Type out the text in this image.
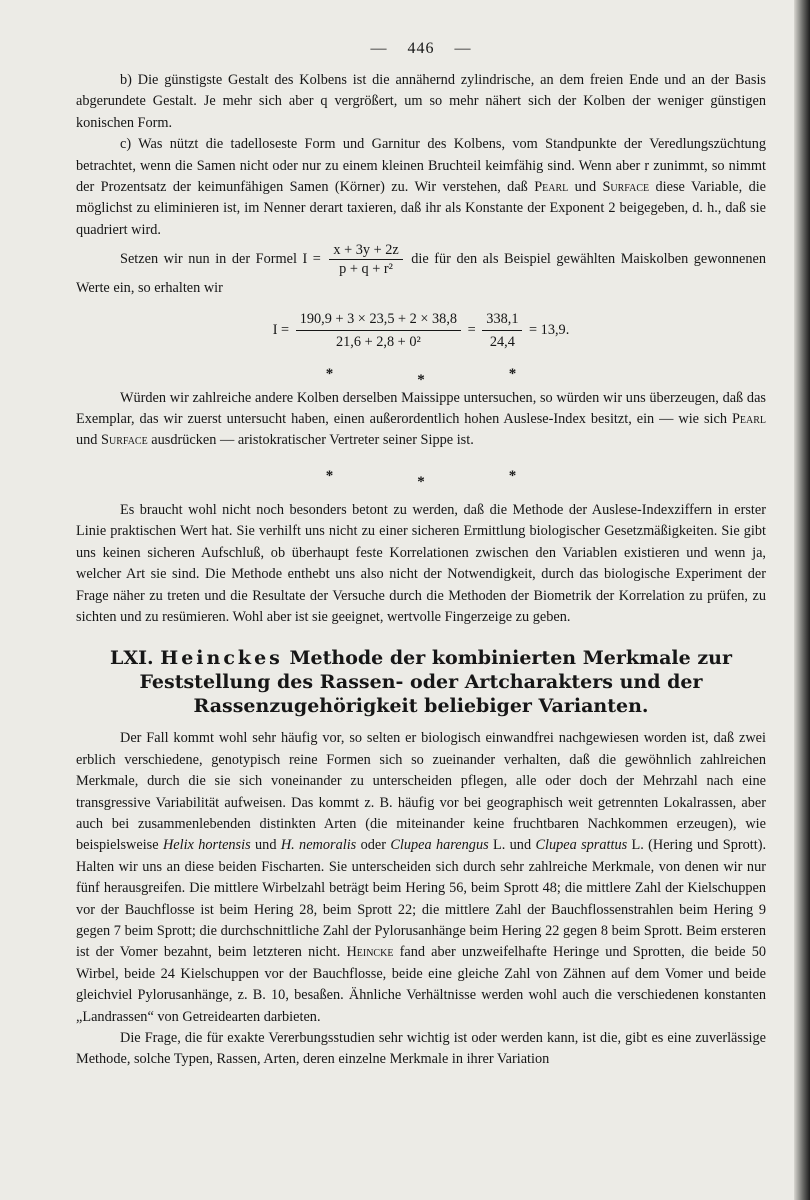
— 446 —

b) Die günstigste Gestalt des Kolbens ist die annähernd zylindrische, an dem freien Ende und an der Basis abgerundete Gestalt. Je mehr sich aber q vergrößert, um so mehr nähert sich der Kolben der weniger günstigen konischen Form.

c) Was nützt die tadelloseste Form und Garnitur des Kolbens, vom Standpunkte der Veredlungszüchtung betrachtet, wenn die Samen nicht oder nur zu einem kleinen Bruchteil keimfähig sind. Wenn aber r zunimmt, so nimmt der Prozentsatz der keimunfähigen Samen (Körner) zu. Wir verstehen, daß Pearl und Surface diese Variable, die möglichst zu eliminieren ist, im Nenner derart taxieren, daß ihr als Konstante der Exponent 2 beigegeben, d. h., daß sie quadriert wird.

Setzen wir nun in der Formel $I = \frac{x + 3y + 2z}{\text{p + q + r²}}$ die für den als Beispiel gewählten Maiskolben gewonnenen Werte ein, so erhalten wir
$I = \frac{190,9 + 3 \times 23,5 + 2 \times 38,8}{\text{21,6 + 2,8 + 0²}} = \frac{338,1}{24,4} = 13,9$.
*	*	*

Würden wir zahlreiche andere Kolben derselben Maissippe untersuchen, so würden wir uns überzeugen, daß das Exemplar, das wir zuerst untersucht haben, einen außerordentlich hohen Auslese-Index besitzt, ein — wie sich Pearl und Surface ausdrücken — aristokratischer Vertreter seiner Sippe ist.

*	*	*

Es braucht wohl nicht noch besonders betont zu werden, daß die Methode der Auslese-Indexziffern in erster Linie praktischen Wert hat. Sie verhilft uns nicht zu einer sicheren Ermittlung biologischer Gesetzmäßigkeiten. Sie gibt uns keinen sicheren Aufschluß, ob überhaupt feste Korrelationen zwischen den Variablen existieren und wenn ja, welcher Art sie sind. Die Methode enthebt uns also nicht der Notwendigkeit, durch das biologische Experiment der Frage näher zu treten und die Resultate der Versuche durch die Methoden der Biometrik der Korrelation zu prüfen, zu sichten und zu resümieren. Wohl aber ist sie geeignet, wertvolle Fingerzeige zu geben.

LXI. Heinckes Methode der kombinierten Merkmale zur Feststellung des Rassen- oder Artcharakters und der Rassenzugehörigkeit beliebiger Varianten.

Der Fall kommt wohl sehr häufig vor, so selten er biologisch einwandfrei nachgewiesen worden ist, daß zwei erblich verschiedene, genotypisch reine Formen sich so zueinander verhalten, daß die gewöhnlich zahlreichen Merkmale, durch die sie sich voneinander zu unterscheiden pflegen, alle oder doch der Mehrzahl nach eine transgressive Variabilität aufweisen. Das kommt z. B. häufig vor bei geographisch weit getrennten Lokalrassen, aber auch bei zusammenlebenden distinkten Arten (die miteinander keine fruchtbaren Nachkommen erzeugen), wie beispielsweise Helix hortensis und H. nemoralis oder Clupea harengus L. und Clupea sprattus L. (Hering und Sprott). Halten wir uns an diese beiden Fischarten. Sie unterscheiden sich durch sehr zahlreiche Merkmale, von denen wir nur fünf herausgreifen. Die mittlere Wirbelzahl beträgt beim Hering 56, beim Sprott 48; die mittlere Zahl der Kielschuppen vor der Bauchflosse ist beim Hering 28, beim Sprott 22; die mittlere Zahl der Bauchflossenstrahlen beim Hering 9 gegen 7 beim Sprott; die durchschnittliche Zahl der Pylorusanhänge beim Hering 22 gegen 8 beim Sprott. Beim ersteren ist der Vomer bezahnt, beim letzteren nicht. Heincke fand aber unzweifelhafte Heringe und Sprotten, die beide 50 Wirbel, beide 24 Kielschuppen vor der Bauchflosse, beide eine gleiche Zahl von Zähnen auf dem Vomer und beide gleichviel Pylorusanhänge, z. B. 10, besaßen. Ähnliche Verhältnisse werden wohl auch die verschiedenen konstanten „Landrassen“ von Getreidearten darbieten.

Die Frage, die für exakte Vererbungsstudien sehr wichtig ist oder werden kann, ist die, gibt es eine zuverlässige Methode, solche Typen, Rassen, Arten, deren einzelne Merkmale in ihrer Variation
